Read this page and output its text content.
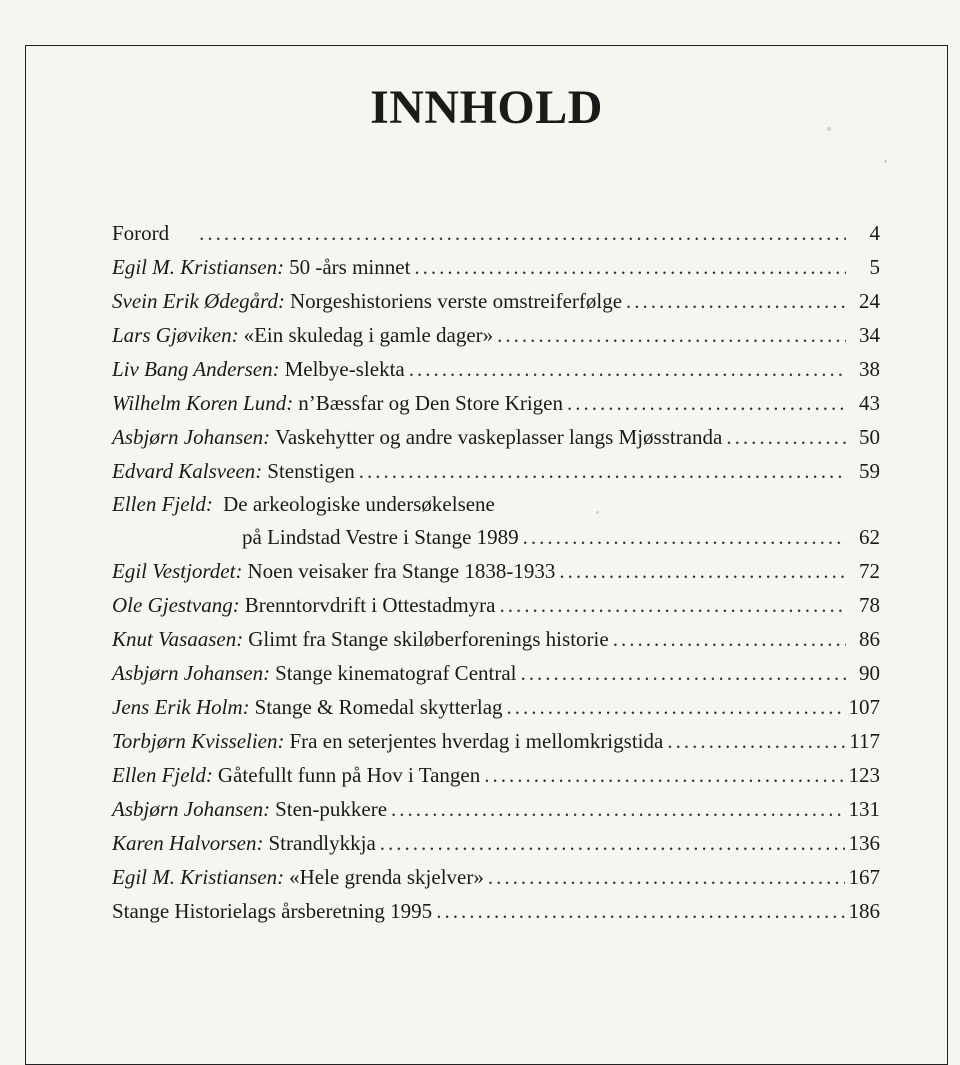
INNHOLD
Forord .....	4
Egil M. Kristiansen: 50 -års minnet .....	5
Svein Erik Ødegård: Norgeshistoriens verste omstreiferfølge .....	24
Lars Gjøviken: «Ein skuledag i gamle dager» .....	34
Liv Bang Andersen: Melbye-slekta .....	38
Wilhelm Koren Lund: n’Bæssfar og Den Store Krigen .....	43
Asbjørn Johansen: Vaskehytter og andre vaskeplasser langs Mjøsstranda .....	50
Edvard Kalsveen: Stenstigen .....	59
Ellen Fjeld: De arkeologiske undersøkelsene
på Lindstad Vestre i Stange 1989 .....	62
Egil Vestjordet: Noen veisaker fra Stange 1838-1933 .....	72
Ole Gjestvang: Brenntorvdrift i Ottestadmyra .....	78
Knut Vasaasen: Glimt fra Stange skiløberforenings historie .....	86
Asbjørn Johansen: Stange kinematograf Central .....	90
Jens Erik Holm: Stange & Romedal skytterlag .....	107
Torbjørn Kvisselien: Fra en seterjentes hverdag i mellomkrigstida .....	117
Ellen Fjeld: Gåtefullt funn på Hov i Tangen .....	123
Asbjørn Johansen: Sten-pukkere .....	131
Karen Halvorsen: Strandlykkja .....	136
Egil M. Kristiansen: «Hele grenda skjelver» .....	167
Stange Historielags årsberetning 1995 .....	186
